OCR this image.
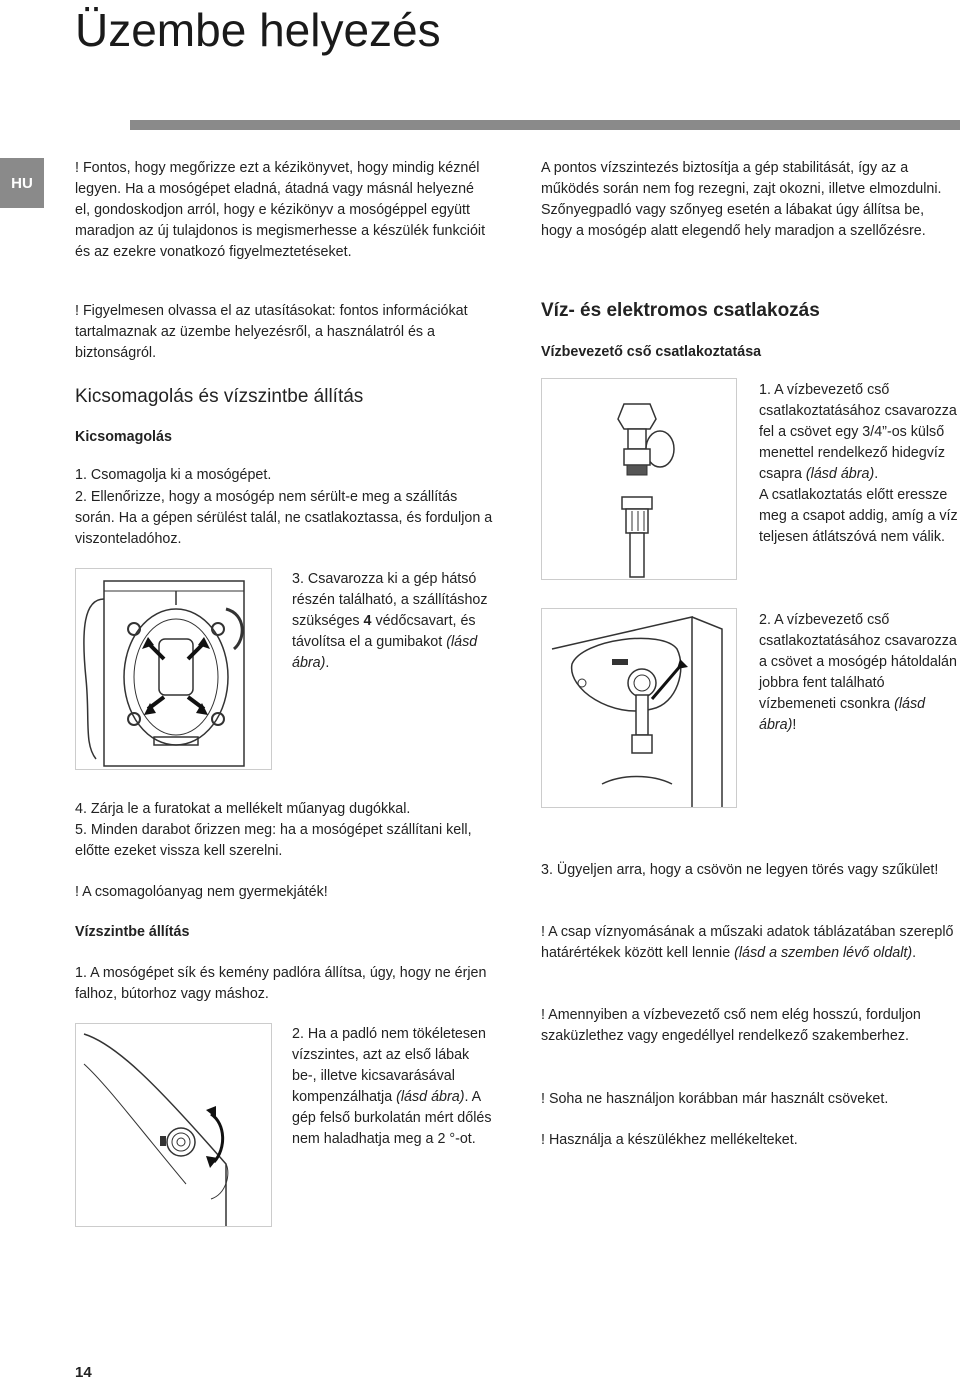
Üzembe helyezés
HU

! Fontos, hogy megőrizze ezt a kézikönyvet, hogy mindig kéznél legyen. Ha a mosógépet eladná, átadná vagy másnál helyezné el, gondoskodjon arról, hogy e kézikönyv a mosógéppel együtt maradjon az új tulajdonos is megismerhesse a készülék funkcióit és az ezekre vonatkozó figyelmeztetéseket.

! Figyelmesen olvassa el az utasításokat: fontos információkat tartalmaznak az üzembe helyezésről, a használatról és a biztonságról.
Kicsomagolás és vízszintbe állítás
Kicsomagolás
1. Csomagolja ki a mosógépet.
2. Ellenőrizze, hogy a mosógép nem sérült-e meg a szállítás során. Ha a gépen sérülést talál, ne csatlakoztassa, és forduljon a viszonteladóhoz.
3. Csavarozza ki a gép hátsó részén található, a szállításhoz szükséges 4 védőcsavart, és távolítsa el a gumibakot (lásd ábra).
4. Zárja le a furatokat a mellékelt műanyag dugókkal.
5. Minden darabot őrizzen meg: ha a mosógépet szállítani kell, előtte ezeket vissza kell szerelni.
! A csomagolóanyag nem gyermekjáték!
Vízszintbe állítás
1. A mosógépet sík és kemény padlóra állítsa, úgy, hogy ne érjen falhoz, bútorhoz vagy máshoz.
2. Ha a padló nem tökéletesen vízszintes, azt az első lábak be-, illetve kicsavarásával kompenzálhatja (lásd ábra). A gép felső burkolatán mért dőlés nem haladhatja meg a 2 °-ot.
A pontos vízszintezés biztosítja a gép stabilitását, így az a működés során nem fog rezegni, zajt okozni, illetve elmozdulni. Szőnyegpadló vagy szőnyeg esetén a lábakat úgy állítsa be, hogy a mosógép alatt elegendő hely maradjon a szellőzésre.
Víz- és elektromos csatlakozás
Vízbevezető cső csatlakoztatása
1. A vízbevezető cső csatlakoztatásához csavarozza fel a csövet egy 3/4”-os külső menettel rendelkező hidegvíz csapra (lásd ábra).
A csatlakoztatás előtt eressze meg a csapot addig, amíg a víz teljesen átlátszóvá nem válik.
2. A vízbevezető cső csatlakoztatásához csavarozza a csövet a mosógép hátoldalán jobbra fent található vízbemeneti csonkra (lásd ábra)!
3. Ügyeljen arra, hogy a csövön ne legyen törés vagy szűkület!
! A csap víznyomásának a műszaki adatok táblázatában szereplő határértékek között kell lennie (lásd a szemben lévő oldalt).
! Amennyiben a vízbevezető cső nem elég hosszú, forduljon szaküzlethez vagy engedéllyel rendelkező szakemberhez.
! Soha ne használjon korábban már használt csöveket.
! Használja a készülékhez mellékelteket.
14
